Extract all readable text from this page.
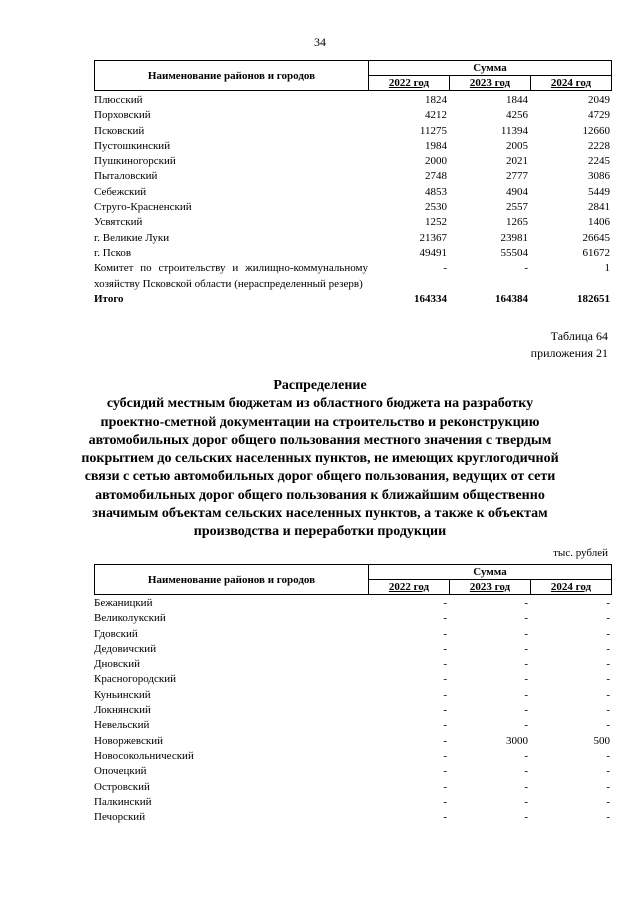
34
Наименование районов и городов
Сумма
2022 год	2023 год	2024 год
Плюсский	1824	1844	2049
Порховский	4212	4256	4729
Псковский	11275	11394	12660
Пустошкинский	1984	2005	2228
Пушкиногорский	2000	2021	2245
Пыталовский	2748	2777	3086
Себежский	4853	4904	5449
Струго-Красненский	2530	2557	2841
Усвятский	1252	1265	1406
г. Великие Луки	21367	23981	26645
г. Псков	49491	55504	61672
Комитет по строительству и жилищно-коммунальному хозяйству Псковской области (нераспределенный резерв)	-	-	1
Итого	164334	164384	182651
Таблица 64
приложения 21
Распределение
субсидий местным бюджетам из областного бюджета на разработку
проектно-сметной документации на строительство и реконструкцию
автомобильных дорог общего пользования местного значения с твердым
покрытием до сельских населенных пунктов, не имеющих круглогодичной
связи с сетью автомобильных дорог общего пользования, ведущих от сети
автомобильных дорог общего пользования к ближайшим общественно
значимым объектам сельских населенных пунктов, а также к объектам
производства и переработки продукции
тыс. рублей
Наименование районов и городов
Сумма
2022 год	2023 год	2024 год
Бежаницкий	-	-	-
Великолукский	-	-	-
Гдовский	-	-	-
Дедовичский	-	-	-
Дновский	-	-	-
Красногородский	-	-	-
Куньинский	-	-	-
Локнянский	-	-	-
Невельский	-	-	-
Новоржевский	-	3000	500
Новосокольнический	-	-	-
Опочецкий	-	-	-
Островский	-	-	-
Палкинский	-	-	-
Печорский	-	-	-
